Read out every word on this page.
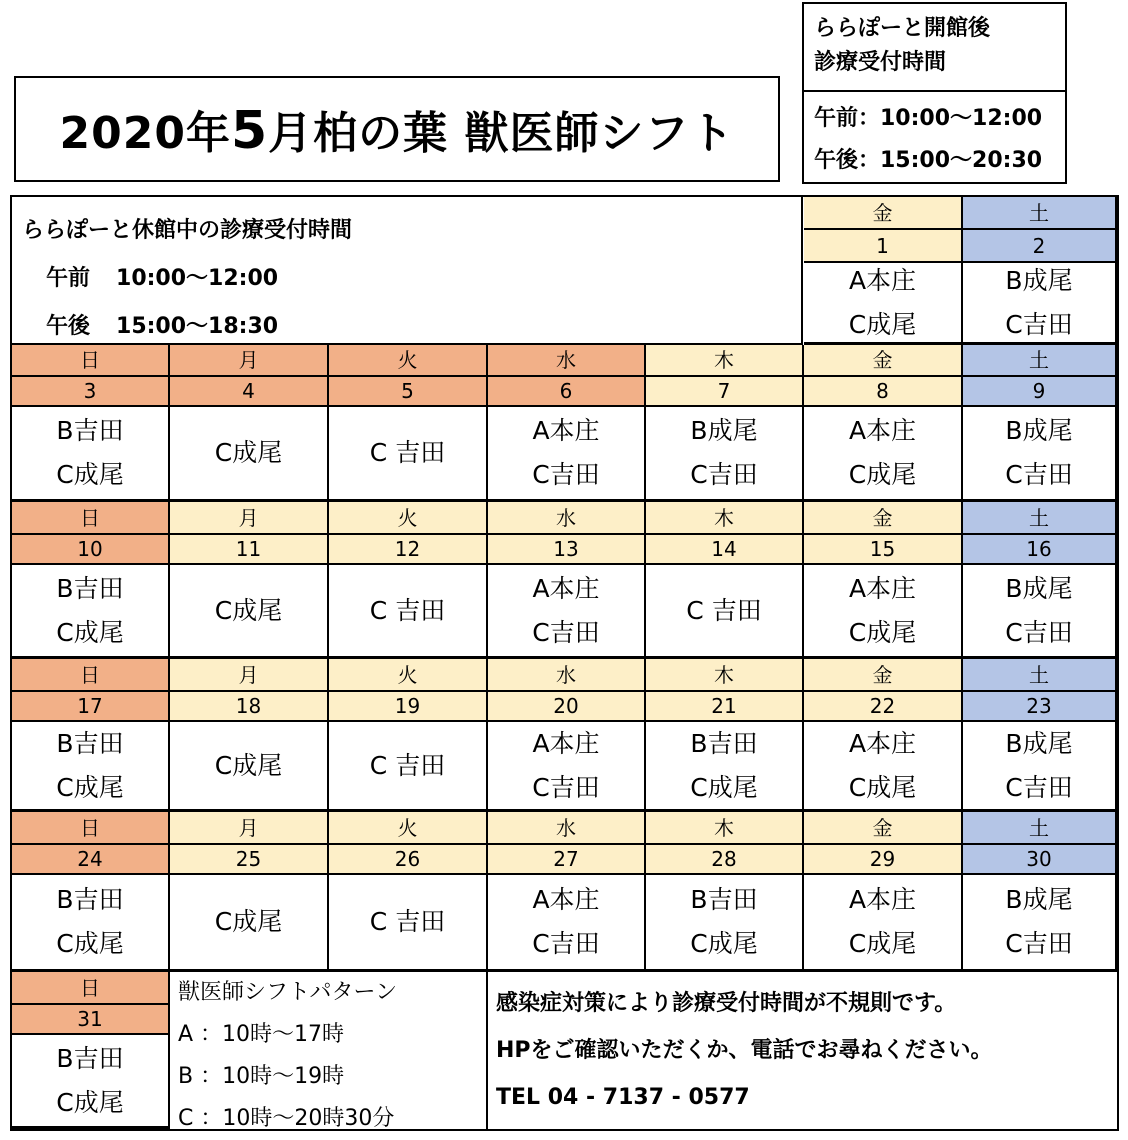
2020年5月柏の葉 獣医師シフト
ららぽーと開館後
診療受付時間
午前：10:00〜12:00
午後：15:00〜20:30
ららぽーと休館中の診療受付時間
午前 10:00〜12:00
午後 15:00〜18:30
獣医師シフトパターン
A ：10時〜17時
B ：10時〜19時
C ：10時〜20時30分
感染症対策により診療受付時間が不規則です。
HPをご確認いただくか、電話でお尋ねください。
TEL 04 - 7137 - 0577
金
1
A本庄
C成尾
土
2
B成尾
C吉田
日
3
B吉田
C成尾
月
4
C成尾
火
5
C 吉田
水
6
A本庄
C吉田
木
7
B成尾
C吉田
金
8
A本庄
C成尾
土
9
B成尾
C吉田
日
10
B吉田
C成尾
月
11
C成尾
火
12
C 吉田
水
13
A本庄
C吉田
木
14
C 吉田
金
15
A本庄
C成尾
土
16
B成尾
C吉田
日
17
B吉田
C成尾
月
18
C成尾
火
19
C 吉田
水
20
A本庄
C吉田
木
21
B吉田
C成尾
金
22
A本庄
C成尾
土
23
B成尾
C吉田
日
24
B吉田
C成尾
月
25
C成尾
火
26
C 吉田
水
27
A本庄
C吉田
木
28
B吉田
C成尾
金
29
A本庄
C成尾
土
30
B成尾
C吉田
日
31
B吉田
C成尾
